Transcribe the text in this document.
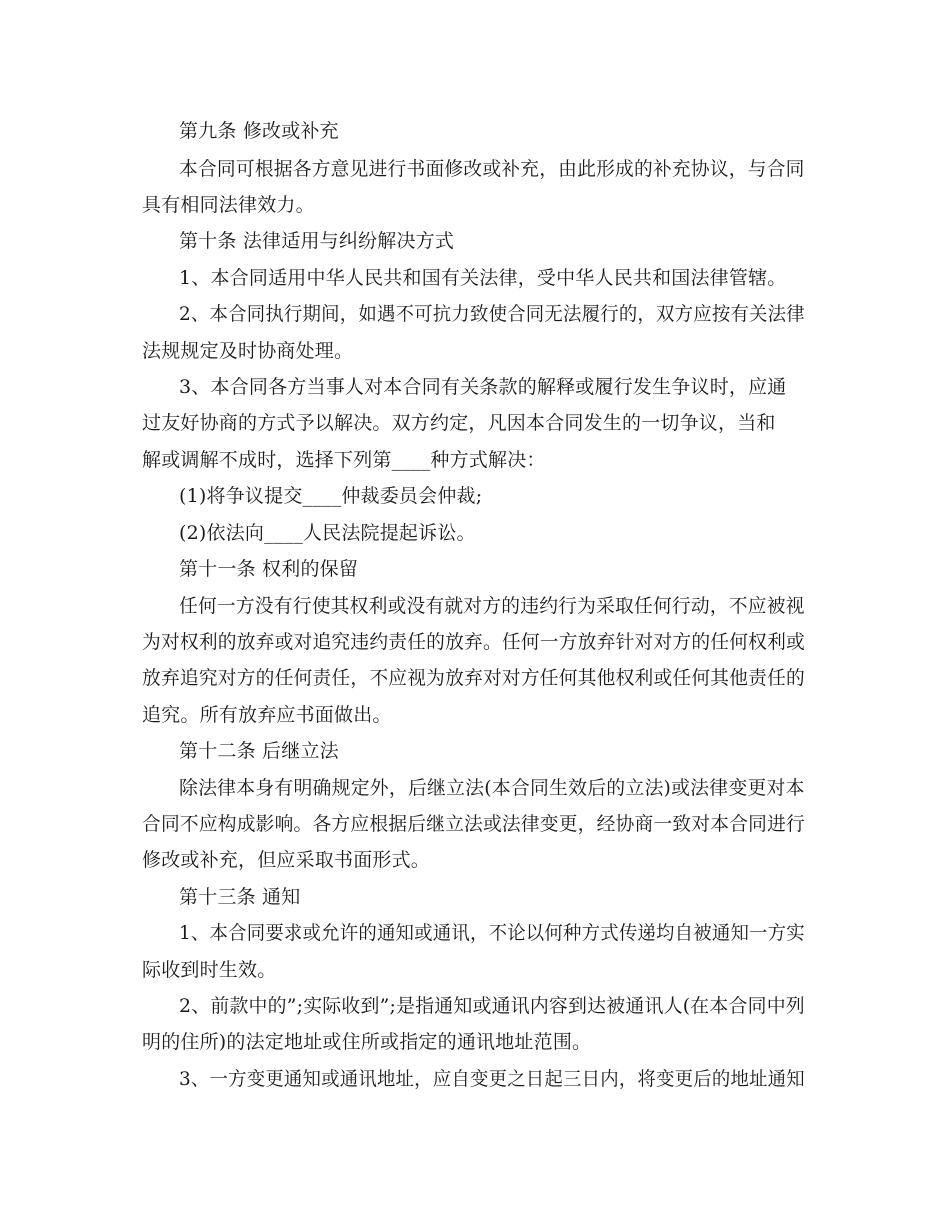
第九条 修改或补充
本合同可根据各方意见进行书面修改或补充，由此形成的补充协议，与合同
具有相同法律效力。
第十条 法律适用与纠纷解决方式
1、本合同适用中华人民共和国有关法律，受中华人民共和国法律管辖。
2、本合同执行期间，如遇不可抗力致使合同无法履行的，双方应按有关法律
法规规定及时协商处理。
3、本合同各方当事人对本合同有关条款的解释或履行发生争议时，应通
过友好协商的方式予以解决。双方约定，凡因本合同发生的一切争议，当和
解或调解不成时，选择下列第____种方式解决：
(1)将争议提交____仲裁委员会仲裁;
(2)依法向____人民法院提起诉讼。
第十一条 权利的保留
任何一方没有行使其权利或没有就对方的违约行为采取任何行动，不应被视
为对权利的放弃或对追究违约责任的放弃。任何一方放弃针对对方的任何权利或
放弃追究对方的任何责任，不应视为放弃对对方任何其他权利或任何其他责任的
追究。所有放弃应书面做出。
第十二条 后继立法
除法律本身有明确规定外，后继立法(本合同生效后的立法)或法律变更对本
合同不应构成影响。各方应根据后继立法或法律变更，经协商一致对本合同进行
修改或补充，但应采取书面形式。
第十三条 通知
1、本合同要求或允许的通知或通讯，不论以何种方式传递均自被通知一方实
际收到时生效。
2、前款中的”;实际收到”;是指通知或通讯内容到达被通讯人(在本合同中列
明的住所)的法定地址或住所或指定的通讯地址范围。
3、一方变更通知或通讯地址，应自变更之日起三日内，将变更后的地址通知
